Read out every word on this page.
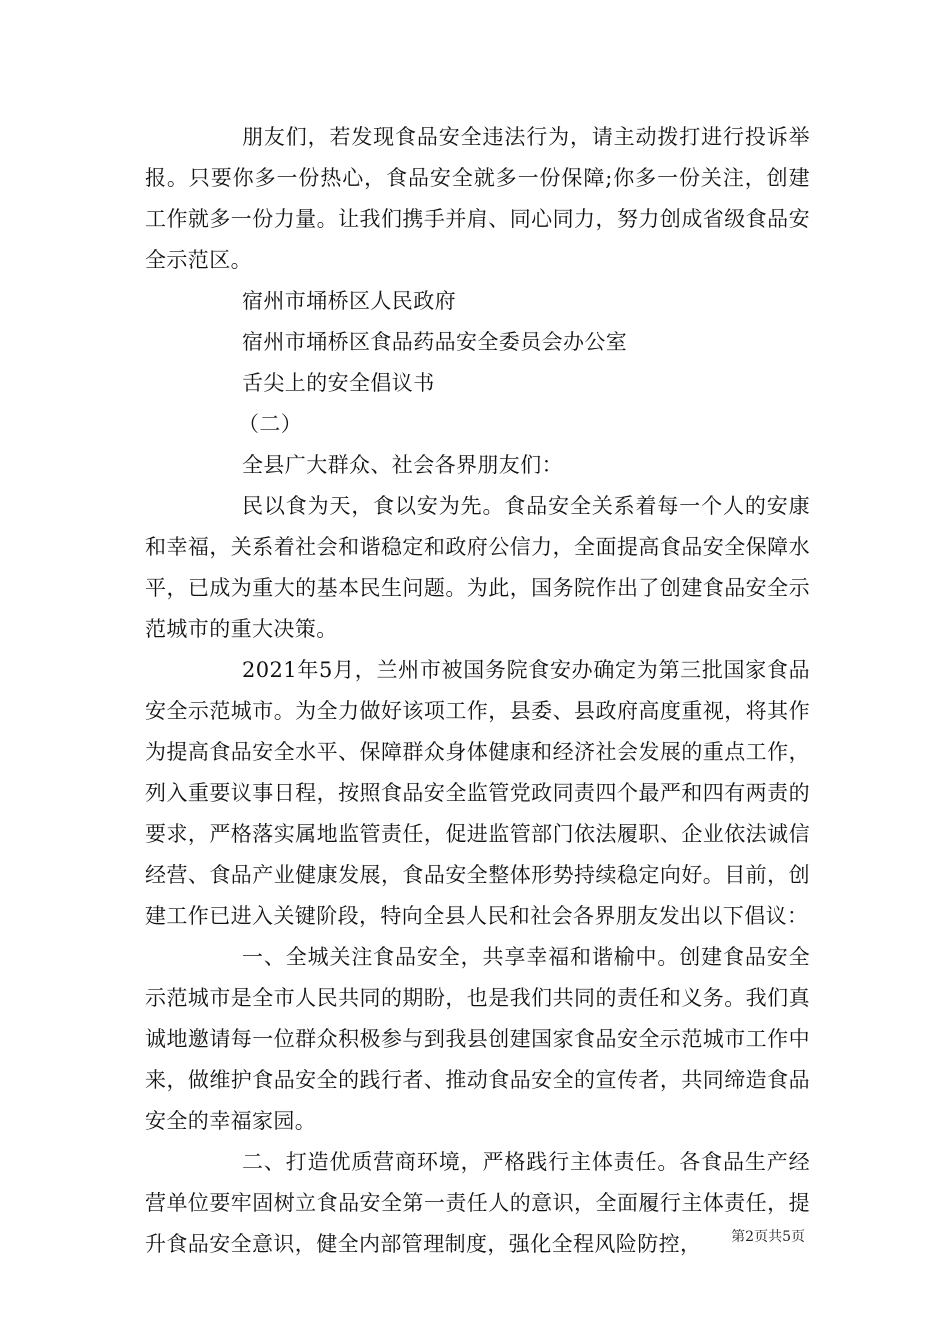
朋友们，若发现食品安全违法行为，请主动拨打进行投诉举报。只要你多一份热心，食品安全就多一份保障;你多一份关注，创建工作就多一份力量。让我们携手并肩、同心同力，努力创成省级食品安全示范区。

宿州市埇桥区人民政府

宿州市埇桥区食品药品安全委员会办公室

舌尖上的安全倡议书

（二）

全县广大群众、社会各界朋友们：

民以食为天，食以安为先。食品安全关系着每一个人的安康和幸福，关系着社会和谐稳定和政府公信力，全面提高食品安全保障水平，已成为重大的基本民生问题。为此，国务院作出了创建食品安全示范城市的重大决策。

2021年5月，兰州市被国务院食安办确定为第三批国家食品安全示范城市。为全力做好该项工作，县委、县政府高度重视，将其作为提高食品安全水平、保障群众身体健康和经济社会发展的重点工作，列入重要议事日程，按照食品安全监管党政同责四个最严和四有两责的要求，严格落实属地监管责任，促进监管部门依法履职、企业依法诚信经营、食品产业健康发展，食品安全整体形势持续稳定向好。目前，创建工作已进入关键阶段，特向全县人民和社会各界朋友发出以下倡议：

一、全城关注食品安全，共享幸福和谐榆中。创建食品安全示范城市是全市人民共同的期盼，也是我们共同的责任和义务。我们真诚地邀请每一位群众积极参与到我县创建国家食品安全示范城市工作中来，做维护食品安全的践行者、推动食品安全的宣传者，共同缔造食品安全的幸福家园。

二、打造优质营商环境，严格践行主体责任。各食品生产经营单位要牢固树立食品安全第一责任人的意识，全面履行主体责任，提升食品安全意识，健全内部管理制度，强化全程风险防控，	第2页共5页
